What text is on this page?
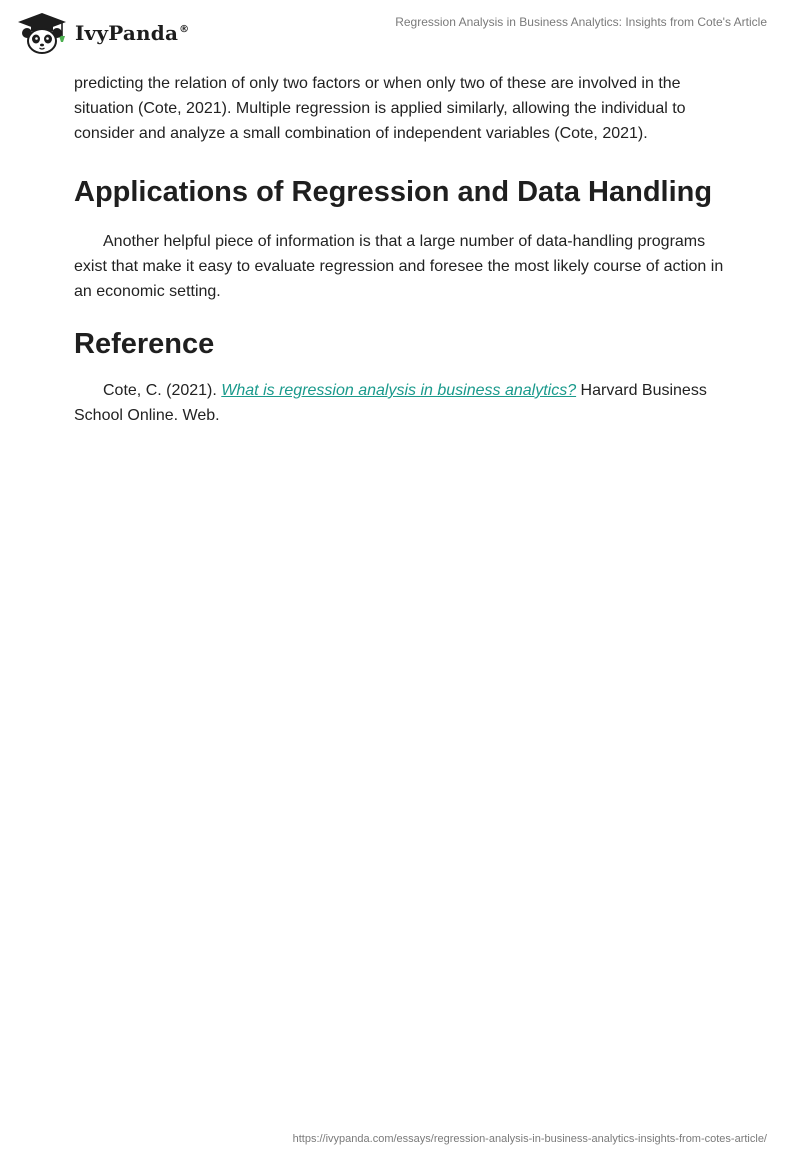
IvyPanda®
Regression Analysis in Business Analytics: Insights from Cote's Article

predicting the relation of only two factors or when only two of these are involved in the situation (Cote, 2021). Multiple regression is applied similarly, allowing the individual to consider and analyze a small combination of independent variables (Cote, 2021).

Applications of Regression and Data Handling

Another helpful piece of information is that a large number of data-handling programs exist that make it easy to evaluate regression and foresee the most likely course of action in an economic setting.

Reference

Cote, C. (2021). What is regression analysis in business analytics? Harvard Business School Online. Web.

https://ivypanda.com/essays/regression-analysis-in-business-analytics-insights-from-cotes-article/
